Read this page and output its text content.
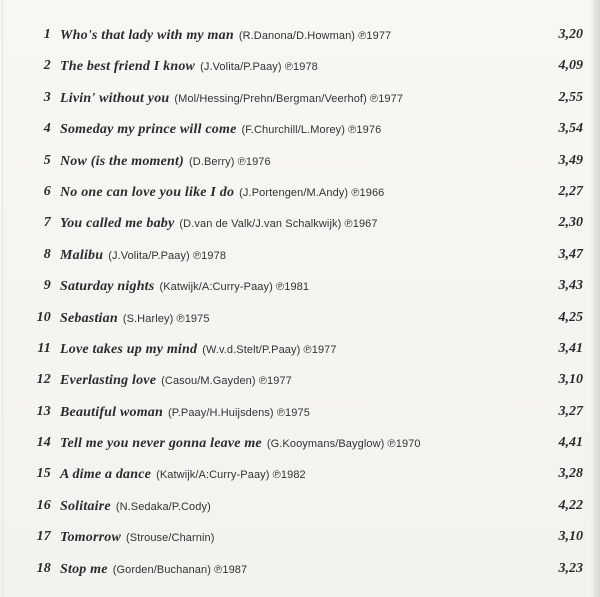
1 Who's that lady with my man (R.Danona/D.Howman) ℗1977	3,20
2 The best friend I know (J.Volita/P.Paay) ℗1978	4,09
3 Livin' without you (Mol/Hessing/Prehn/Bergman/Veerhof) ℗1977	2,55
4 Someday my prince will come (F.Churchill/L.Morey) ℗1976	3,54
5 Now (is the moment) (D.Berry) ℗1976	3,49
6 No one can love you like I do (J.Portengen/M.Andy) ℗1966	2,27
7 You called me baby (D.van de Valk/J.van Schalkwijk) ℗1967	2,30
8 Malibu (J.Volita/P.Paay) ℗1978	3,47
9 Saturday nights (Katwijk/A:Curry-Paay) ℗1981	3,43
10 Sebastian (S.Harley) ℗1975	4,25
11 Love takes up my mind (W.v.d.Stelt/P.Paay) ℗1977	3,41
12 Everlasting love (Casou/M.Gayden) ℗1977	3,10
13 Beautiful woman (P.Paay/H.Huijsdens) ℗1975	3,27
14 Tell me you never gonna leave me (G.Kooymans/Bayglow) ℗1970	4,41
15 A dime a dance (Katwijk/A:Curry-Paay) ℗1982	3,28
16 Solitaire (N.Sedaka/P.Cody)	4,22
17 Tomorrow (Strouse/Charnin)	3,10
18 Stop me (Gorden/Buchanan) ℗1987	3,23
